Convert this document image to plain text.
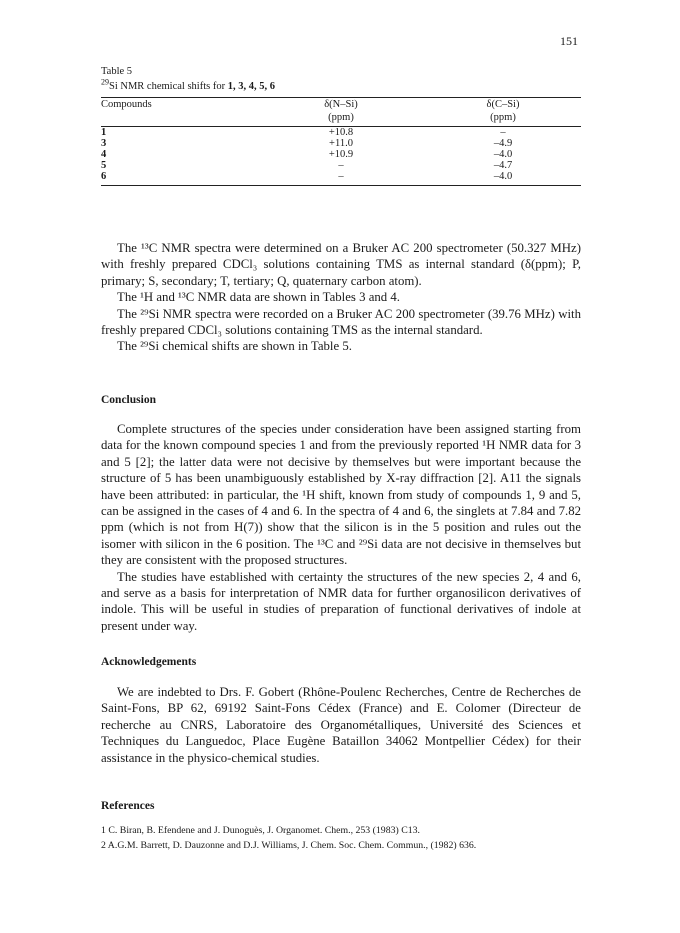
151
Table 5
$^{29}$Si NMR chemical shifts for 1, 3, 4, 5, 6
Compounds	δ(N–Si)	δ(C–Si)
	(ppm)	(ppm)
1	+10.8	–
3	+11.0	–4.9
4	+10.9	–4.0
5	–	–4.7
6	–	–4.0

The ¹³C NMR spectra were determined on a Bruker AC 200 spectrometer (50.327 MHz) with freshly prepared CDCl₃ solutions containing TMS as internal standard (δ(ppm); P, primary; S, secondary; T, tertiary; Q, quaternary carbon atom).

The ¹H and ¹³C NMR data are shown in Tables 3 and 4.

The ²⁹Si NMR spectra were recorded on a Bruker AC 200 spectrometer (39.76 MHz) with freshly prepared CDCl₃ solutions containing TMS as the internal standard.

The ²⁹Si chemical shifts are shown in Table 5.

Conclusion

Complete structures of the species under consideration have been assigned starting from data for the known compound species 1 and from the previously reported ¹H NMR data for 3 and 5 [2]; the latter data were not decisive by themselves but were important because the structure of 5 has been unambiguously established by X-ray diffraction [2]. A11 the signals have been attributed: in particular, the ¹H shift, known from study of compounds 1, 9 and 5, can be assigned in the cases of 4 and 6. In the spectra of 4 and 6, the singlets at 7.84 and 7.82 ppm (which is not from H(7)) show that the silicon is in the 5 position and rules out the isomer with silicon in the 6 position. The ¹³C and ²⁹Si data are not decisive in themselves but they are consistent with the proposed structures.

The studies have established with certainty the structures of the new species 2, 4 and 6, and serve as a basis for interpretation of NMR data for further organosilicon derivatives of indole. This will be useful in studies of preparation of functional derivatives of indole at present under way.

Acknowledgements

We are indebted to Drs. F. Gobert (Rhône-Poulenc Recherches, Centre de Recherches de Saint-Fons, BP 62, 69192 Saint-Fons Cédex (France) and E. Colomer (Directeur de recherche au CNRS, Laboratoire des Organométalliques, Université des Sciences et Techniques du Languedoc, Place Eugène Bataillon 34062 Montpellier Cédex) for their assistance in the physico-chemical studies.

References
1 C. Biran, B. Efendene and J. Dunoguès, J. Organomet. Chem., 253 (1983) C13.
2 A.G.M. Barrett, D. Dauzonne and D.J. Williams, J. Chem. Soc. Chem. Commun., (1982) 636.
